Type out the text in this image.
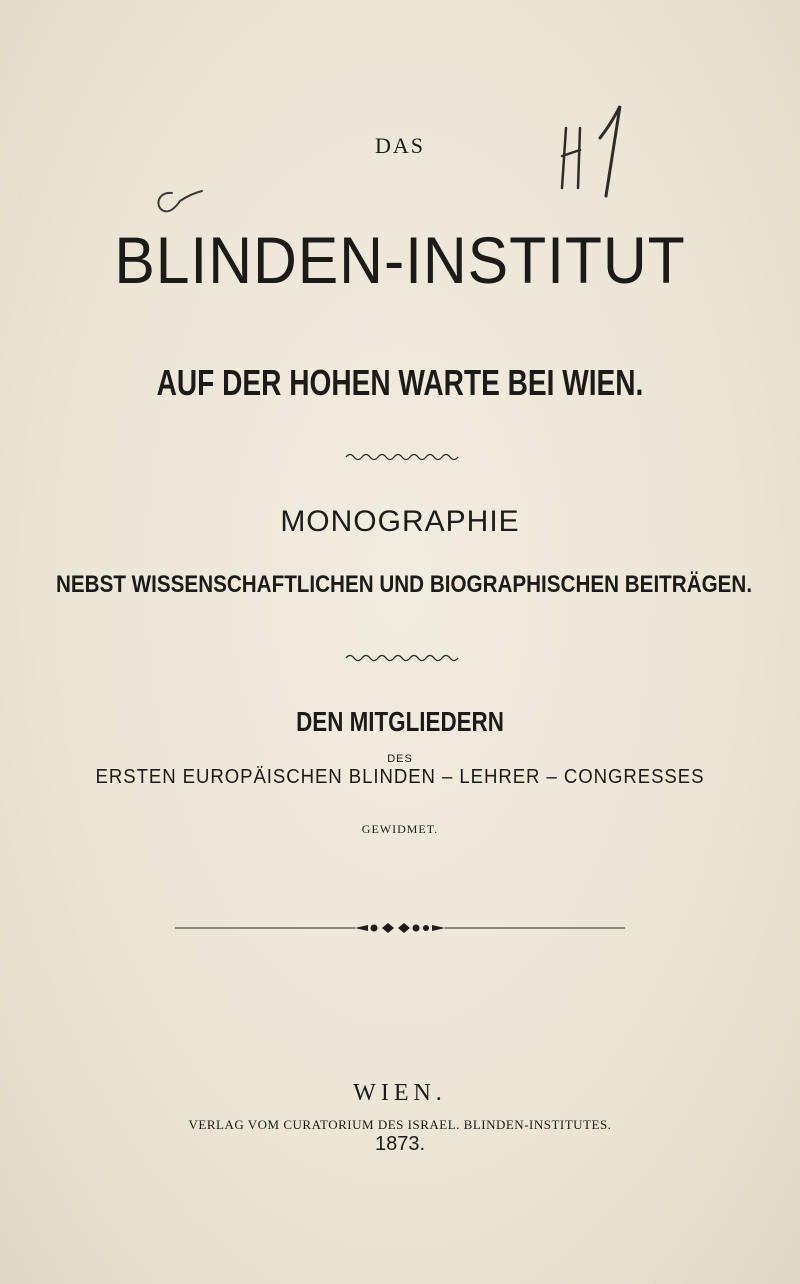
DAS
BLINDEN-INSTITUT
AUF DER HOHEN WARTE BEI WIEN.
MONOGRAPHIE
NEBST WISSENSCHAFTLICHEN UND BIOGRAPHISCHEN BEITRÄGEN.
DEN MITGLIEDERN
DES
ERSTEN EUROPÄISCHEN BLINDEN – LEHRER – CONGRESSES
GEWIDMET.
WIEN.
VERLAG VOM CURATORIUM DES ISRAEL. BLINDEN-INSTITUTES.
1873.
